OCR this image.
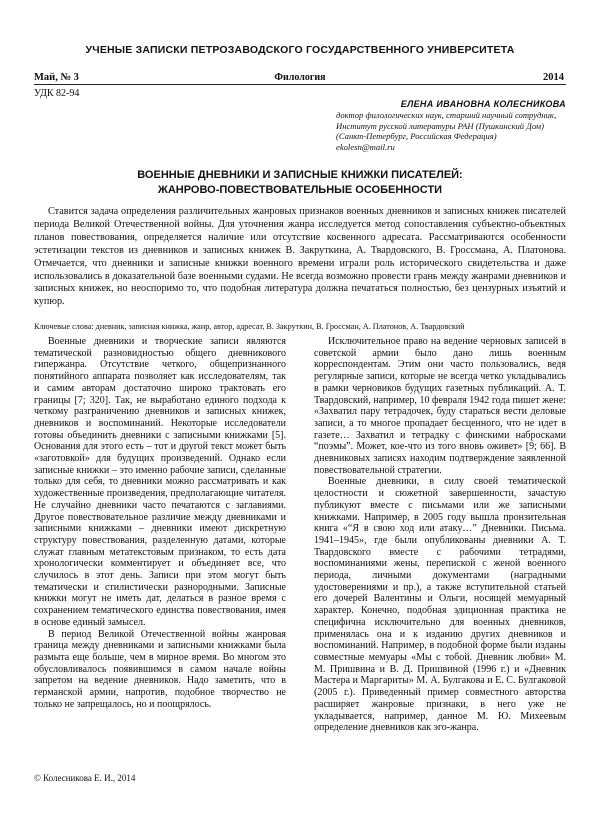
УЧЕНЫЕ ЗАПИСКИ ПЕТРОЗАВОДСКОГО ГОСУДАРСТВЕННОГО УНИВЕРСИТЕТА
Май, № 3	Филология	2014
УДК 82-94
ЕЛЕНА ИВАНОВНА КОЛЕСНИКОВА
доктор филологических наук, старший научный сотрудник, Институт русской литературы РАН (Пушкинский Дом) (Санкт-Петербург, Российская Федерация)
ekolesn@mail.ru
ВОЕННЫЕ ДНЕВНИКИ И ЗАПИСНЫЕ КНИЖКИ ПИСАТЕЛЕЙ:
ЖАНРОВО-ПОВЕСТВОВАТЕЛЬНЫЕ ОСОБЕННОСТИ

Ставится задача определения различительных жанровых признаков военных дневников и записных книжек писателей периода Великой Отечественной войны. Для уточнения жанра исследуется метод сопоставления субъектно-объектных планов повествования, определяется наличие или отсутствие косвенного адресата. Рассматриваются особенности эстетизации текстов из дневников и записных книжек В. Закруткина, А. Твардовского, В. Гроссмана, А. Платонова. Отмечается, что дневники и записные книжки военного времени играли роль исторического свидетельства и даже использовались в доказательной базе военными судами. Не всегда возможно провести грань между жанрами дневников и записных книжек, но неоспоримо то, что подобная литература должна печататься полностью, без цензурных изъятий и купюр.

Ключевые слова: дневник, записная книжка, жанр, автор, адресат, В. Закруткин, В. Гроссман, А. Платонов, А. Твардовский

Военные дневники и творческие записи являются тематической разновидностью общего дневникового гипержанра. Отсутствие четкого, общепризнанного понятийного аппарата позволяет как исследователям, так и самим авторам достаточно широко трактовать его границы [7; 320]. Так, не выработано единого подхода к четкому разграничению дневников и записных книжек, дневников и воспоминаний. Некоторые исследователи готовы объединить дневники с записными книжками [5]. Основания для этого есть – тот и другой текст может быть «заготовкой» для будущих произведений. Однако если записные книжки – это именно рабочие записи, сделанные только для себя, то дневники можно рассматривать и как художественные произведения, предполагающие читателя. Не случайно дневники часто печатаются с заглавиями. Другое повествовательное различие между дневниками и записными книжками – дневники имеют дискретную структуру повествования, разделенную датами, которые служат главным метатекстовым признаком, то есть дата хронологически комментирует и объединяет все, что случилось в этот день. Записи при этом могут быть тематически и стилистически разнородными. Записные книжки могут не иметь дат, делаться в разное время с сохранением тематического единства повествования, имея в основе единый замысел.

В период Великой Отечественной войны жанровая граница между дневниками и записными книжками была размыта еще больше, чем в мирное время. Во многом это обусловливалось появившимся в самом начале войны запретом на ведение дневников. Надо заметить, что в германской армии, напротив, подобное творчество не только не запрещалось, но и поощрялось.

Исключительное право на ведение черновых записей в советской армии было дано лишь военным корреспондентам. Этим они часто пользовались, ведя регулярные записи, которые не всегда четко укладывались в рамки черновиков будущих газетных публикаций. А. Т. Твардовский, например, 10 февраля 1942 года пишет жене: «Захватил пару тетрадочек, буду стараться вести деловые записи, а то многое пропадает бесценного, что не идет в газете… Захватил и тетрадку с финскими набросками “поэмы”. Может, кое-что из того вновь оживет» [9; 66]. В дневниковых записях находим подтверждение заявленной повествовательной стратегии.

Военные дневники, в силу своей тематической целостности и сюжетной завершенности, зачастую публикуют вместе с письмами или же записными книжками. Например, в 2005 году вышла пронзительная книга «“Я в свою ход или атаку…” Дневники. Письма. 1941–1945», где были опубликованы дневники А. Т. Твардовского вместе с рабочими тетрадями, воспоминаниями жены, перепиской с женой военного периода, личными документами (наградными удостоверениями и пр.), а также вступительной статьей его дочерей Валентины и Ольги, носящей мемуарный характер. Конечно, подобная эдиционная практика не специфична исключительно для военных дневников, применялась она и к изданию других дневников и воспоминаний. Например, в подобной форме были изданы совместные мемуары «Мы с тобой. Дневник любви» М. М. Пришвина и В. Д. Пришвиной (1996 г.) и «Дневник Мастера и Маргариты» М. А. Булгакова и Е. С. Булгаковой (2005 г.). Приведенный пример совместного авторства расширяет жанровые признаки, в него уже не укладывается, например, данное М. Ю. Михеевым определение дневников как эго-жанра.

© Колесникова Е. И., 2014
